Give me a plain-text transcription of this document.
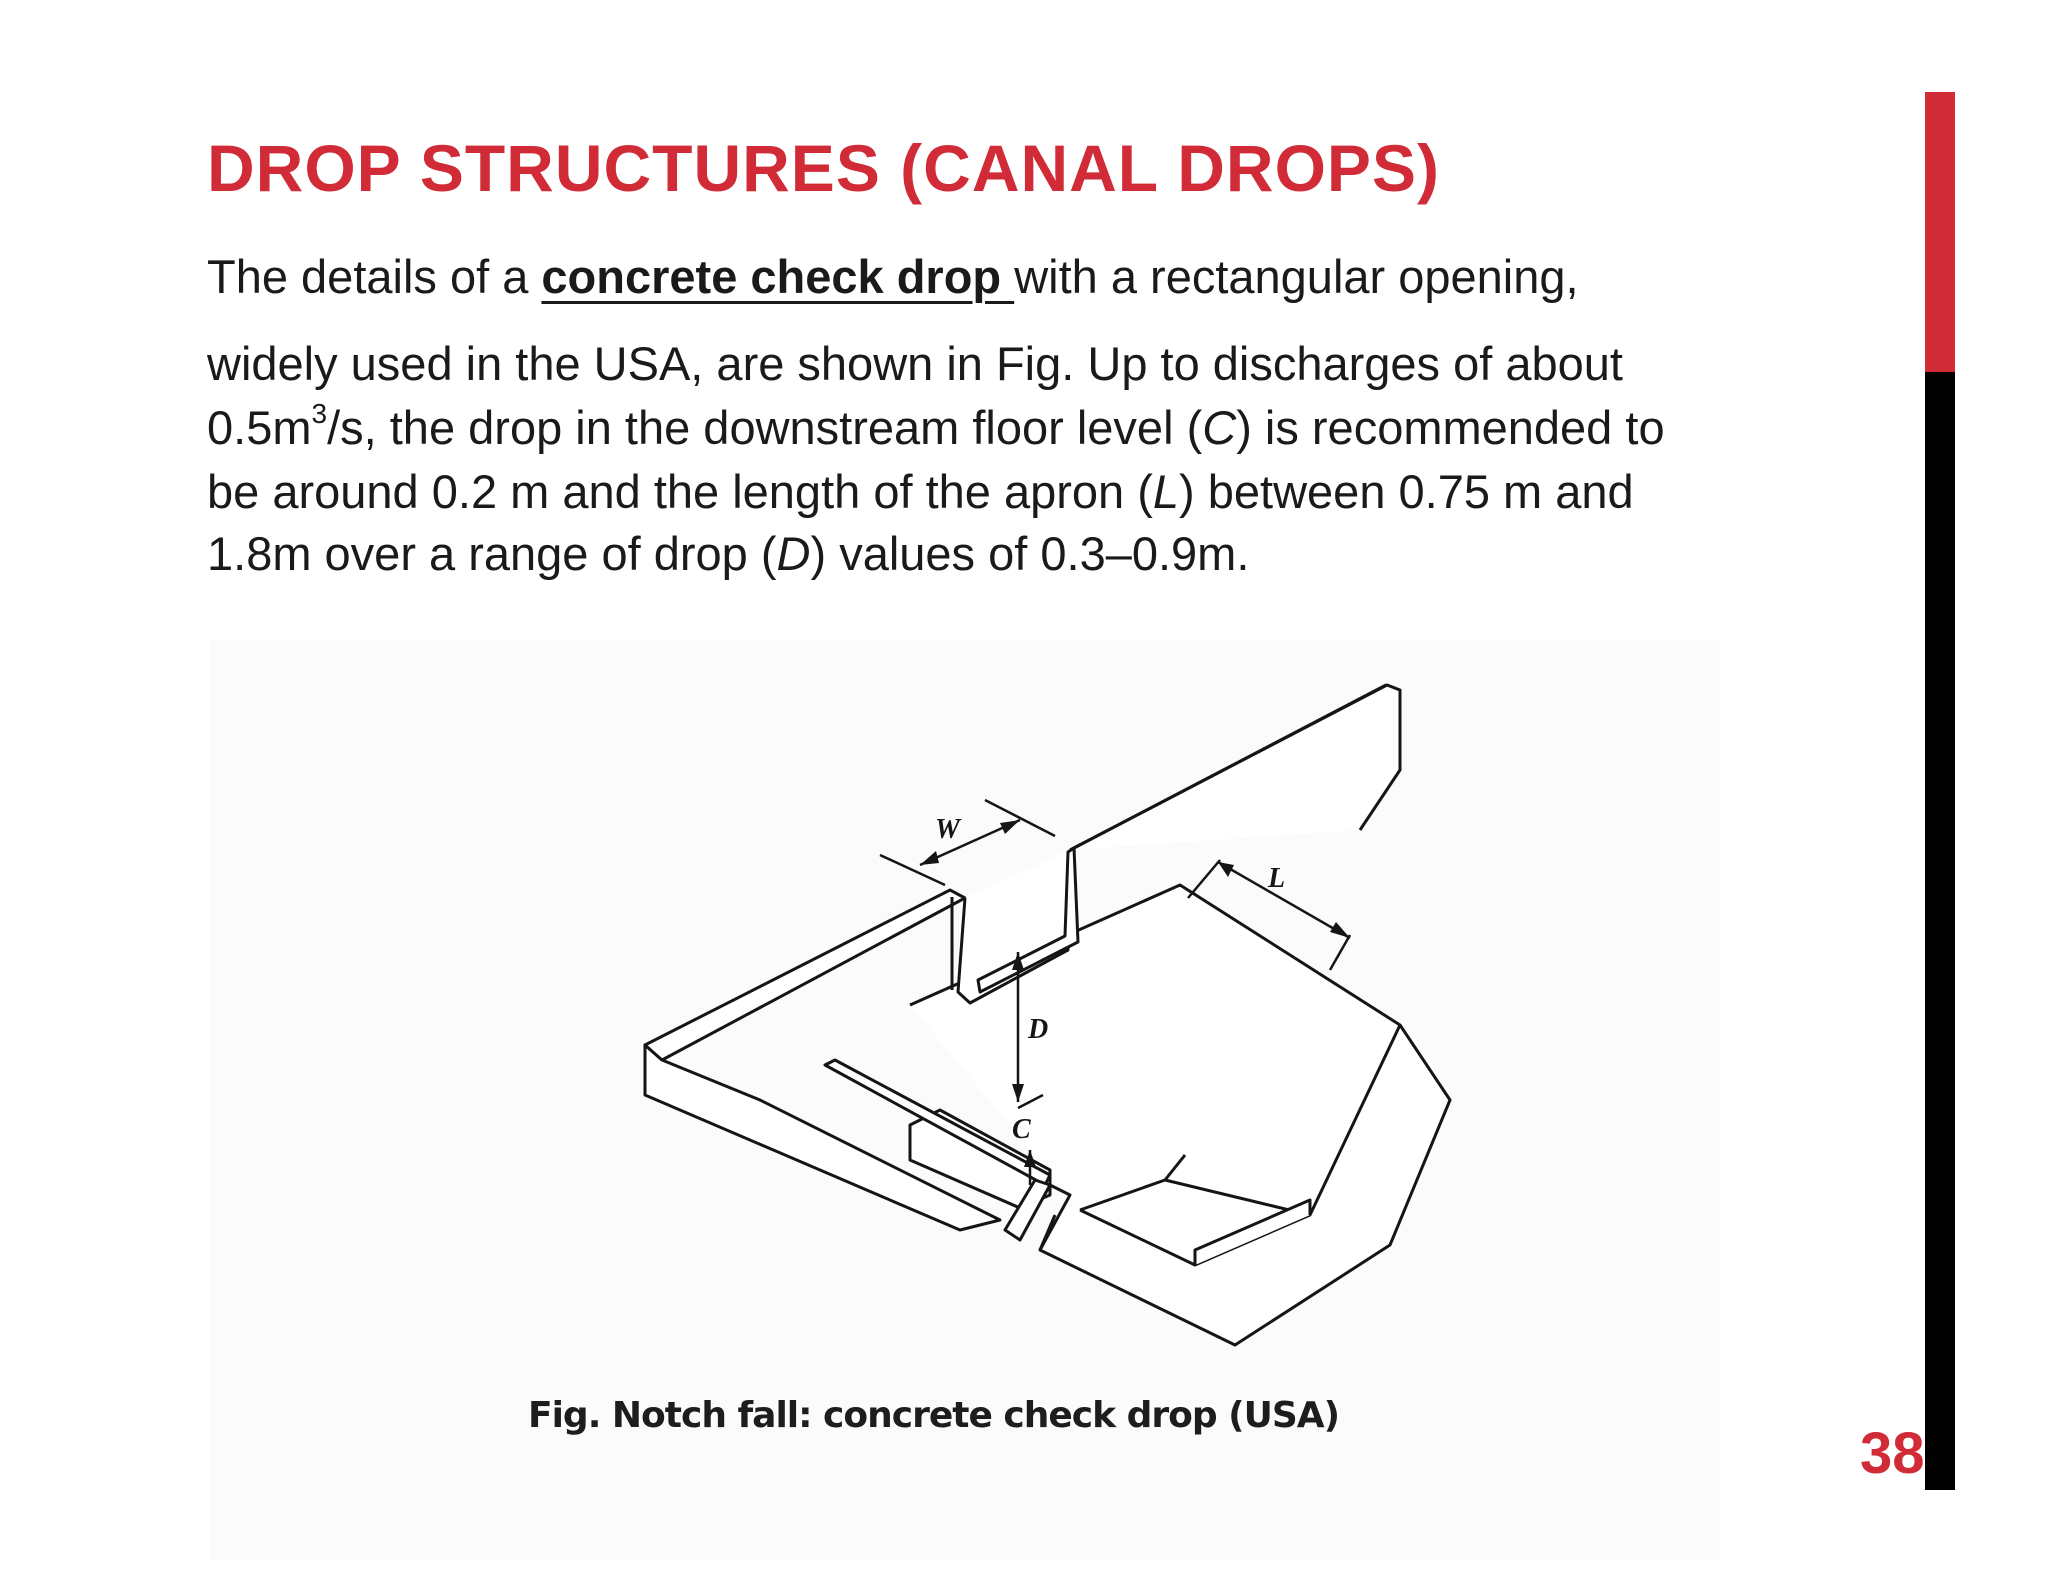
DROP STRUCTURES (CANAL DROPS)

The details of a concrete check drop with a rectangular opening,

widely used in the USA, are shown in Fig. Up to discharges of about

$0.5m^3/s$, the drop in the downstream floor level (C) is recommended to

be around 0.2 m and the length of the apron (L) between 0.75 m and

1.8m over a range of drop (D) values of 0.3–0.9m.

W
L
D
C

Fig. Notch fall: concrete check drop (USA)

38
